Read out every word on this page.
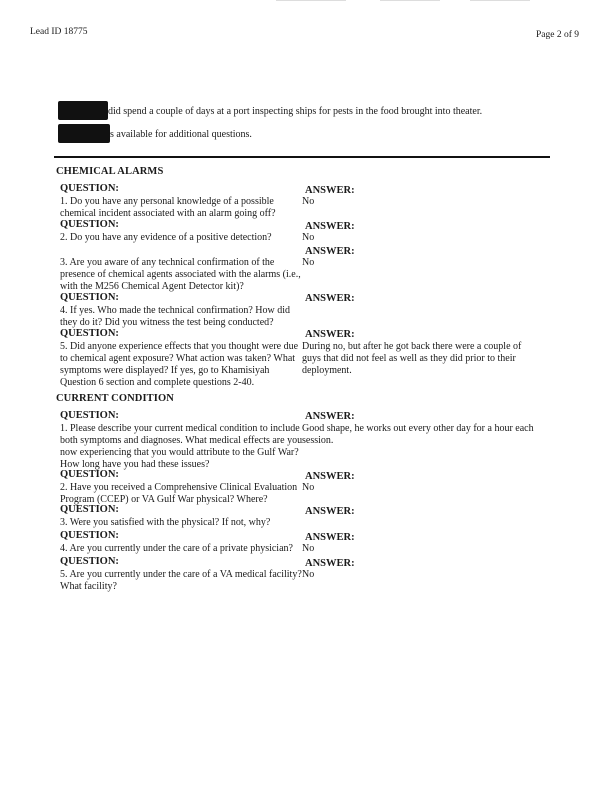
Lead ID 18775	Page 2 of 9
did spend a couple of days at a port inspecting ships for pests in the food brought into theater.
s available for additional questions.
CHEMICAL ALARMS
QUESTION:	ANSWER:
1. Do you have any personal knowledge of a possible chemical incident associated with an alarm going off?
No
QUESTION:	ANSWER:
2. Do you have any evidence of a positive detection?	No
ANSWER:
3. Are you aware of any technical confirmation of the presence of chemical agents associated with the alarms (i.e., with the M256 Chemical Agent Detector kit)?
No
QUESTION:	ANSWER:
4. If yes. Who made the technical confirmation? How did they do it? Did you witness the test being conducted?
QUESTION:	ANSWER:
5. Did anyone experience effects that you thought were due to chemical agent exposure? What action was taken? What symptoms were displayed? If yes, go to Khamisiyah Question 6 section and complete questions 2-40.
During no, but after he got back there were a couple of guys that did not feel as well as they did prior to their deployment.
CURRENT CONDITION
QUESTION:	ANSWER:
1. Please describe your current medical condition to include both symptoms and diagnoses. What medical effects are you now experiencing that you would attribute to the Gulf War? How long have you had these issues?
Good shape, he works out every other day for a hour each session.
QUESTION:	ANSWER:
2. Have you received a Comprehensive Clinical Evaluation Program (CCEP) or VA Gulf War physical? Where?
No
QUESTION:	ANSWER:
3. Were you satisfied with the physical? If not, why?
QUESTION:	ANSWER:
4. Are you currently under the care of a private physician? No
QUESTION:	ANSWER:
5. Are you currently under the care of a VA medical facility? What facility?
No
